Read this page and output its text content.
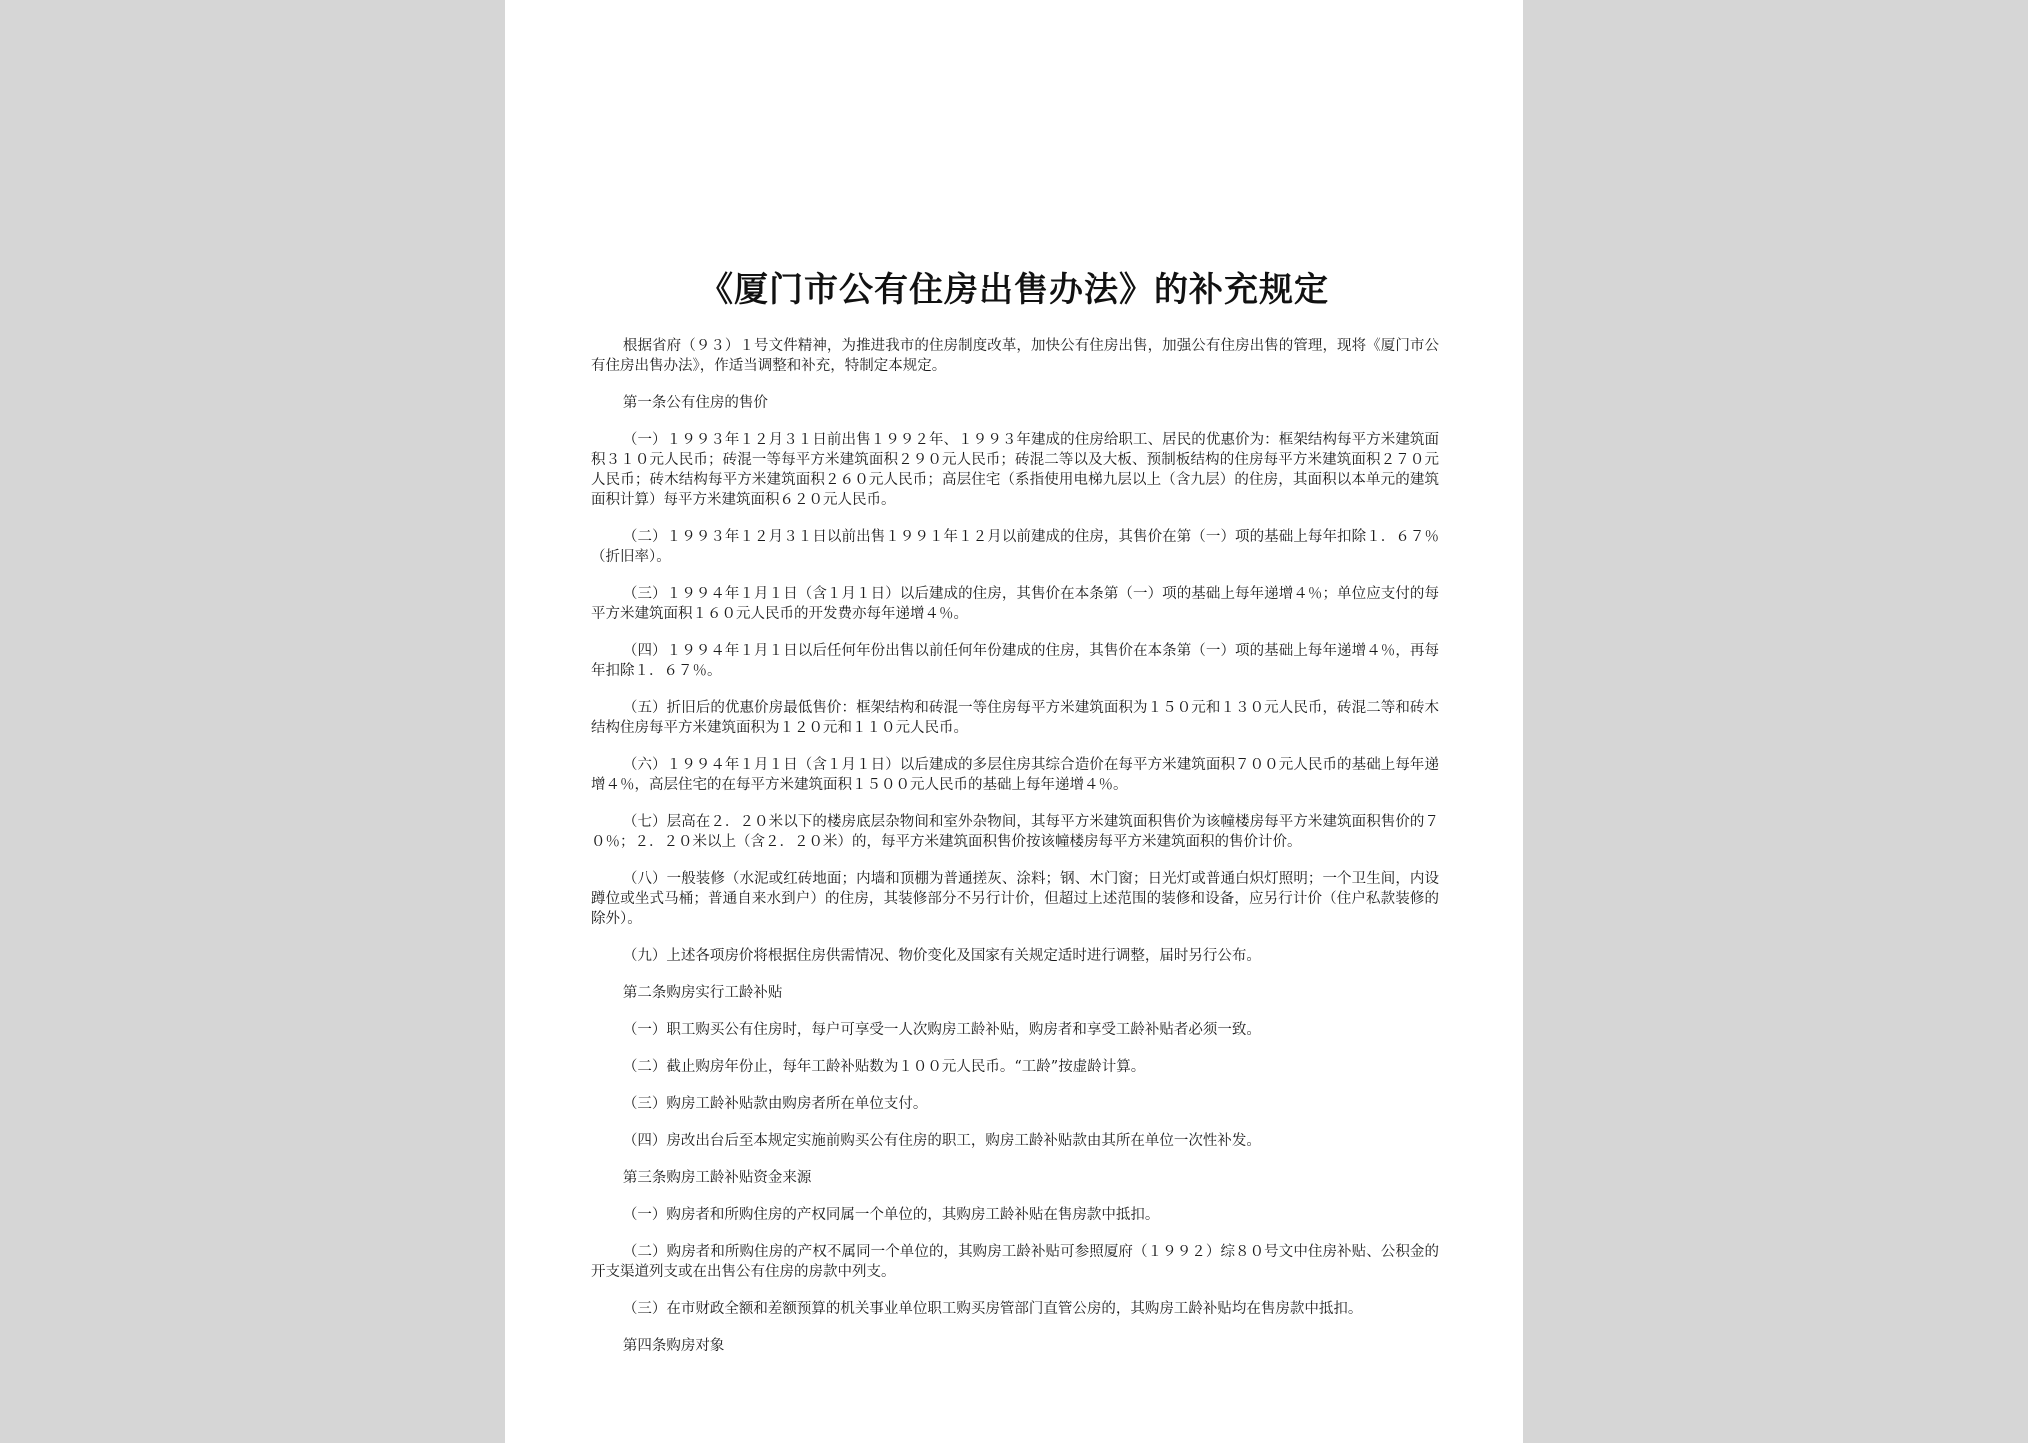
《厦门市公有住房出售办法》的补充规定

根据省府（９３）１号文件精神，为推进我市的住房制度改革，加快公有住房出售，加强公有住房出售的管理，现将《厦门市公有住房出售办法》，作适当调整和补充，特制定本规定。

第一条公有住房的售价

（一）１９９３年１２月３１日前出售１９９２年、１９９３年建成的住房给职工、居民的优惠价为：框架结构每平方米建筑面积３１０元人民币；砖混一等每平方米建筑面积２９０元人民币；砖混二等以及大板、预制板结构的住房每平方米建筑面积２７０元人民币；砖木结构每平方米建筑面积２６０元人民币；高层住宅（系指使用电梯九层以上（含九层）的住房，其面积以本单元的建筑面积计算）每平方米建筑面积６２０元人民币。

（二）１９９３年１２月３１日以前出售１９９１年１２月以前建成的住房，其售价在第（一）项的基础上每年扣除１．６７％（折旧率）。

（三）１９９４年１月１日（含１月１日）以后建成的住房，其售价在本条第（一）项的基础上每年递增４％；单位应支付的每平方米建筑面积１６０元人民币的开发费亦每年递增４％。

（四）１９９４年１月１日以后任何年份出售以前任何年份建成的住房，其售价在本条第（一）项的基础上每年递增４％，再每年扣除１．６７％。

（五）折旧后的优惠价房最低售价：框架结构和砖混一等住房每平方米建筑面积为１５０元和１３０元人民币，砖混二等和砖木结构住房每平方米建筑面积为１２０元和１１０元人民币。

（六）１９９４年１月１日（含１月１日）以后建成的多层住房其综合造价在每平方米建筑面积７００元人民币的基础上每年递增４％，高层住宅的在每平方米建筑面积１５００元人民币的基础上每年递增４％。

（七）层高在２．２０米以下的楼房底层杂物间和室外杂物间，其每平方米建筑面积售价为该幢楼房每平方米建筑面积售价的７０％；２．２０米以上（含２．２０米）的，每平方米建筑面积售价按该幢楼房每平方米建筑面积的售价计价。

（八）一般装修（水泥或红砖地面；内墙和顶棚为普通搓灰、涂料；钢、木门窗；日光灯或普通白炽灯照明；一个卫生间，内设蹲位或坐式马桶；普通自来水到户）的住房，其装修部分不另行计价，但超过上述范围的装修和设备，应另行计价（住户私款装修的除外）。

（九）上述各项房价将根据住房供需情况、物价变化及国家有关规定适时进行调整，届时另行公布。

第二条购房实行工龄补贴

（一）职工购买公有住房时，每户可享受一人次购房工龄补贴，购房者和享受工龄补贴者必须一致。

（二）截止购房年份止，每年工龄补贴数为１００元人民币。“工龄”按虚龄计算。

（三）购房工龄补贴款由购房者所在单位支付。

（四）房改出台后至本规定实施前购买公有住房的职工，购房工龄补贴款由其所在单位一次性补发。

第三条购房工龄补贴资金来源

（一）购房者和所购住房的产权同属一个单位的，其购房工龄补贴在售房款中抵扣。

（二）购房者和所购住房的产权不属同一个单位的，其购房工龄补贴可参照厦府（１９９２）综８０号文中住房补贴、公积金的开支渠道列支或在出售公有住房的房款中列支。

（三）在市财政全额和差额预算的机关事业单位职工购买房管部门直管公房的，其购房工龄补贴均在售房款中抵扣。

第四条购房对象
